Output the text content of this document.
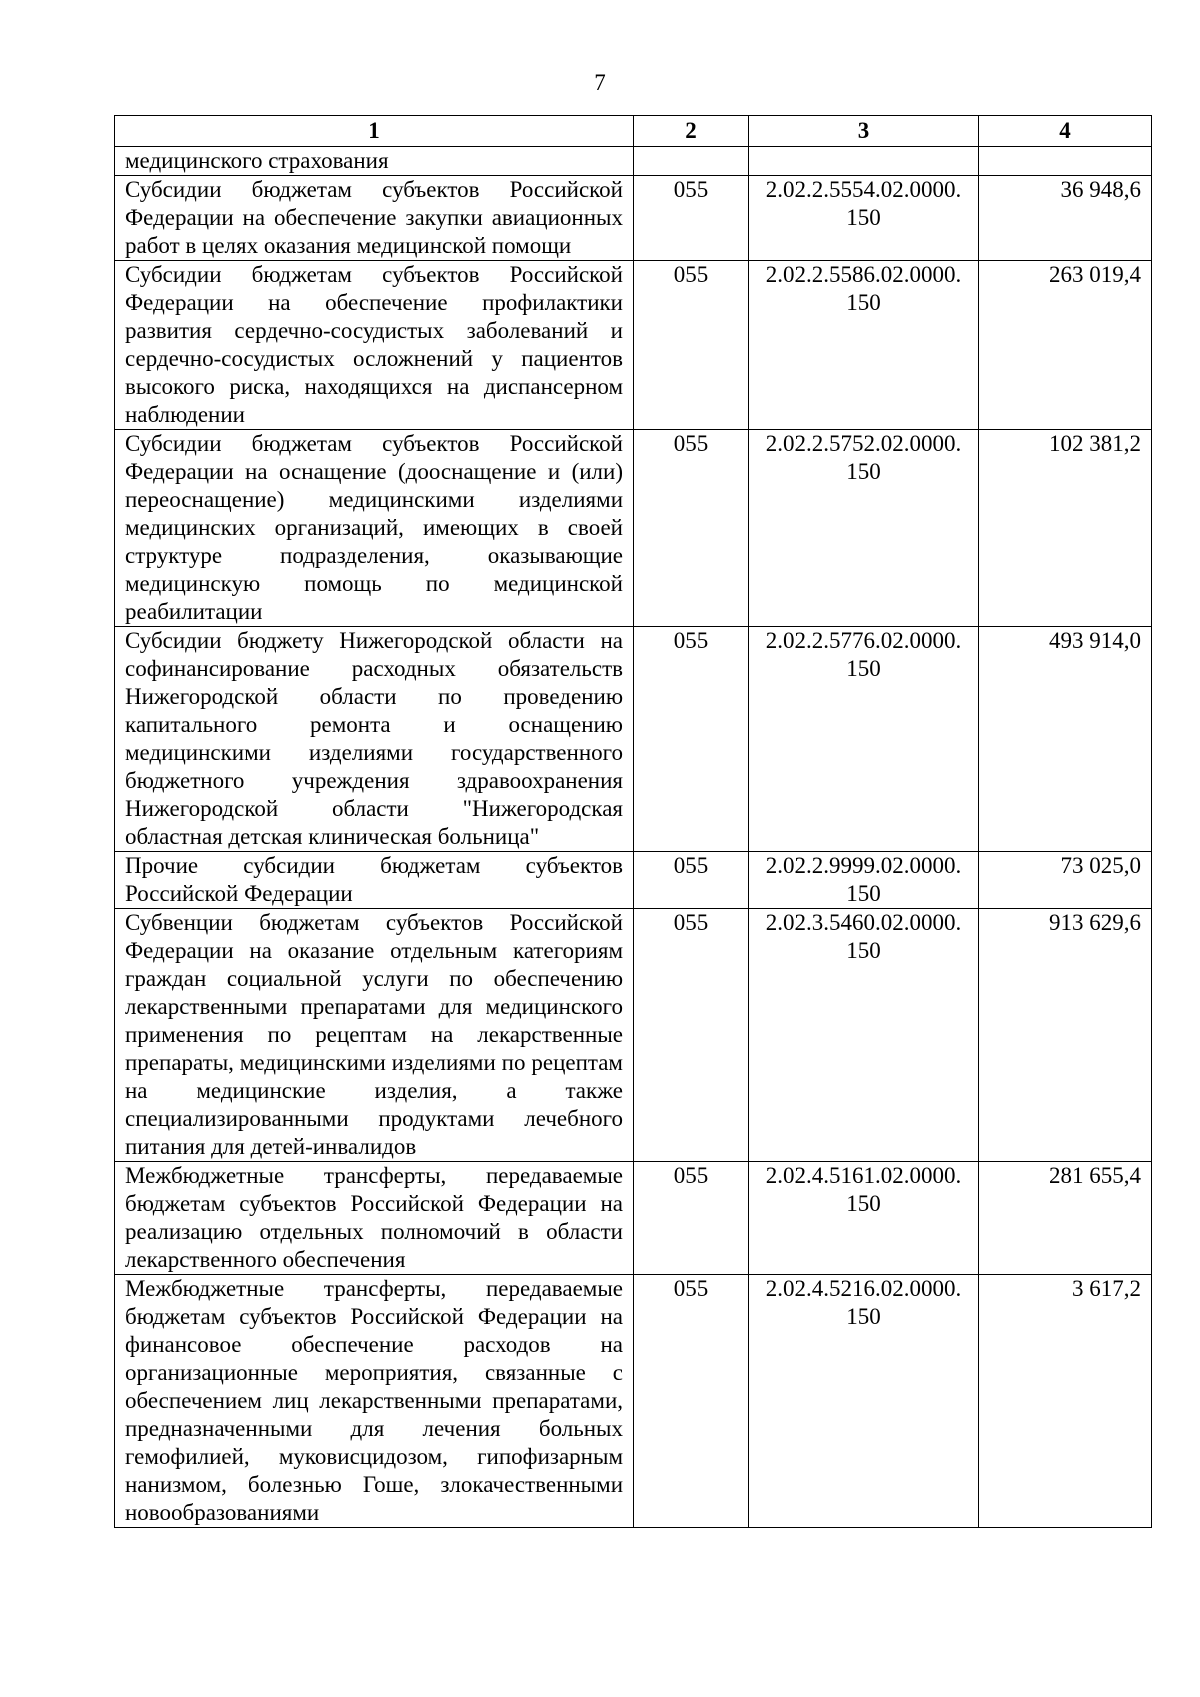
7
1	2	3	4
медицинского страхования			
Субсидии бюджетам субъектов Российской Федерации на обеспечение закупки авиационных работ в целях оказания медицинской помощи	055	2.02.2.5554.02.0000. 150	36 948,6
Субсидии бюджетам субъектов Российской Федерации на обеспечение профилактики развития сердечно-сосудистых заболеваний и сердечно-сосудистых осложнений у пациентов высокого риска, находящихся на диспансерном наблюдении	055	2.02.2.5586.02.0000. 150	263 019,4
Субсидии бюджетам субъектов Российской Федерации на оснащение (дооснащение и (или) переоснащение) медицинскими изделиями медицинских организаций, имеющих в своей структуре подразделения, оказывающие медицинскую помощь по медицинской реабилитации	055	2.02.2.5752.02.0000. 150	102 381,2
Субсидии бюджету Нижегородской области на софинансирование расходных обязательств Нижегородской области по проведению капитального ремонта и оснащению медицинскими изделиями государственного бюджетного учреждения здравоохранения Нижегородской области "Нижегородская областная детская клиническая больница"	055	2.02.2.5776.02.0000. 150	493 914,0
Прочие субсидии бюджетам субъектов Российской Федерации	055	2.02.2.9999.02.0000. 150	73 025,0
Субвенции бюджетам субъектов Российской Федерации на оказание отдельным категориям граждан социальной услуги по обеспечению лекарственными препаратами для медицинского применения по рецептам на лекарственные препараты, медицинскими изделиями по рецептам на медицинские изделия, а также специализированными продуктами лечебного питания для детей-инвалидов	055	2.02.3.5460.02.0000. 150	913 629,6
Межбюджетные трансферты, передаваемые бюджетам субъектов Российской Федерации на реализацию отдельных полномочий в области лекарственного обеспечения	055	2.02.4.5161.02.0000. 150	281 655,4
Межбюджетные трансферты, передаваемые бюджетам субъектов Российской Федерации на финансовое обеспечение расходов на организационные мероприятия, связанные с обеспечением лиц лекарственными препаратами, предназначенными для лечения больных гемофилией, муковисцидозом, гипофизарным нанизмом, болезнью Гоше, злокачественными новообразованиями	055	2.02.4.5216.02.0000. 150	3 617,2
